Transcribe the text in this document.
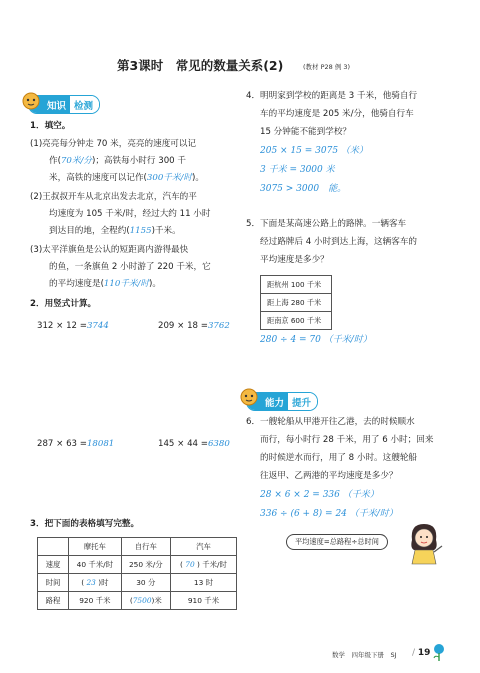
第3课时　常见的数量关系(2)	(教材 P28 例 3)
知识 检测
1．填空。
(1)亮亮每分钟走 70 米，亮亮的速度可以记
作(70米/分)；高铁每小时行 300 千
米，高铁的速度可以记作(300千米/时)。
(2)王叔叔开车从北京出发去北京，汽车的平
均速度为 105 千米/时，经过大约 11 小时
到达目的地，全程约(1155)千米。
(3)太平洋旗鱼是公认的短距离内游得最快
的鱼，一条旗鱼 2 小时游了 220 千米，它
的平均速度是(110千米/时)。
2．用竖式计算。
312 × 12 =3744	209 × 18 =3762
287 × 63 =18081	145 × 44 =6380
3．把下面的表格填写完整。
	摩托车	自行车	汽车
速度	40 千米/时	250 米/分	( 70 ) 千米/时
时间	( 23 )时	30 分	13 时
路程	920 千米	(7500)米	910 千米
4．明明家到学校的距离是 3 千米，他骑自行
车的平均速度是 205 米/分，他骑自行车
15 分钟能不能到学校？
205 × 15 = 3075 （米）
3 千米 = 3000 米
3075 > 3000　能。
5．下面是某高速公路上的路牌。一辆客车
经过路牌后 4 小时到达上海，这辆客车的
平均速度是多少？
距杭州 100 千米
距上海 280 千米
距南京 600 千米
280 ÷ 4 = 70 （千米/时）
能力 提升
6．一艘轮船从甲港开往乙港，去的时候顺水
而行，每小时行 28 千米，用了 6 小时；回来
的时候逆水而行，用了 8 小时。这艘轮船
往返甲、乙两港的平均速度是多少？
28 × 6 × 2 = 336 （千米）
336 ÷ (6 + 8) = 24 （千米/时）
平均速度=总路程÷总时间
数学　四年级下册　SJ / 19
